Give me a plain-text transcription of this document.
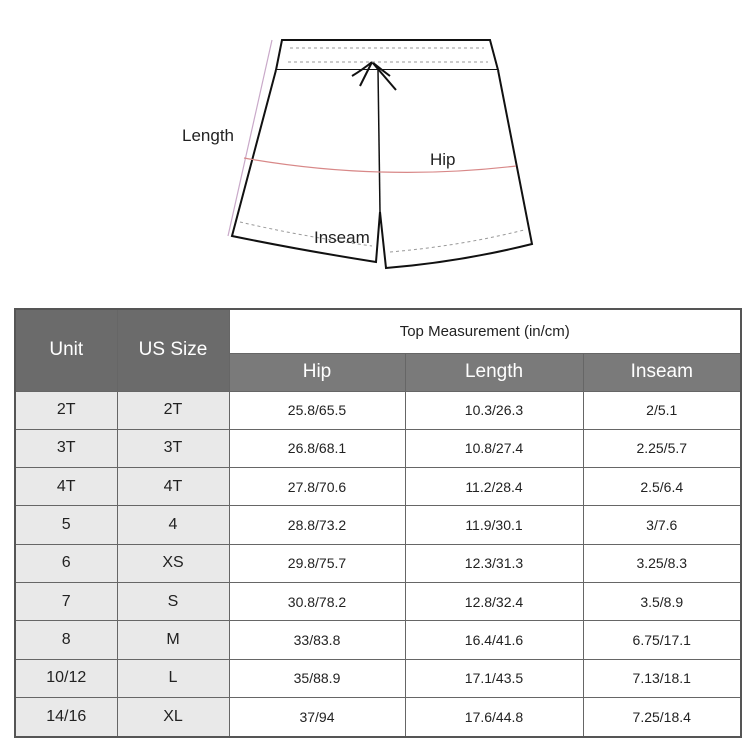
Length
Hip
Inseam
Unit	US Size	Top Measurement (in/cm)		
		Hip	Length	Inseam
2T	2T	25.8/65.5	10.3/26.3	2/5.1
3T	3T	26.8/68.1	10.8/27.4	2.25/5.7
4T	4T	27.8/70.6	11.2/28.4	2.5/6.4
5	4	28.8/73.2	11.9/30.1	3/7.6
6	XS	29.8/75.7	12.3/31.3	3.25/8.3
7	S	30.8/78.2	12.8/32.4	3.5/8.9
8	M	33/83.8	16.4/41.6	6.75/17.1
10/12	L	35/88.9	17.1/43.5	7.13/18.1
14/16	XL	37/94	17.6/44.8	7.25/18.4
